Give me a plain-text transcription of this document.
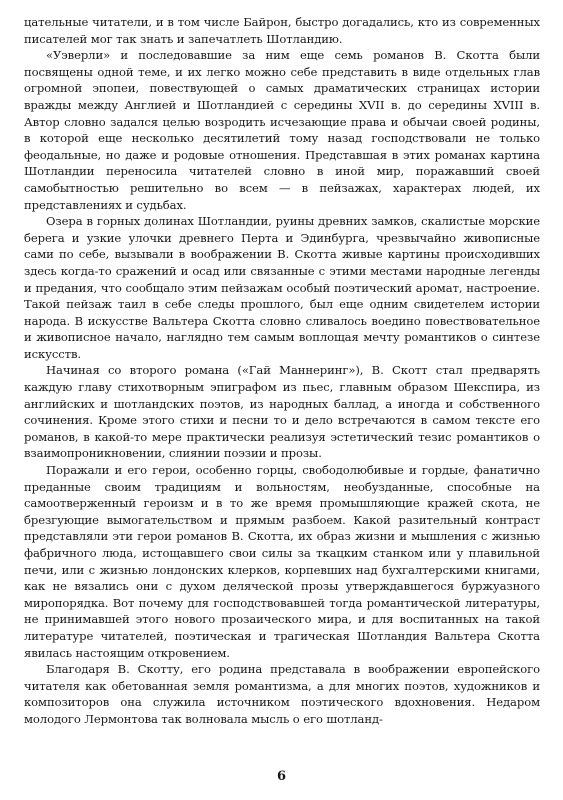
цательные читатели, и в том числе Байрон, быстро догадались, кто из современных писателей мог так знать и запечатлеть Шотландию.

«Уэверли» и последовавшие за ним еще семь романов В. Скотта были посвящены одной теме, и их легко можно себе представить в виде отдельных глав огромной эпопеи, повествующей о самых драматических страницах истории вражды между Англией и Шотландией с середины XVII в. до середины XVIII в. Автор словно задался целью возродить исчезающие права и обычаи своей родины, в которой еще несколько десятилетий тому назад господствовали не только феодальные, но даже и родовые отношения. Представшая в этих романах картина Шотландии переносила читателей словно в иной мир, поражавший своей самобытностью решительно во всем — в пейзажах, характерах людей, их представлениях и судьбах.

Озера в горных долинах Шотландии, руины древних замков, скалистые морские берега и узкие улочки древнего Перта и Эдинбурга, чрезвычайно живописные сами по себе, вызывали в воображении В. Скотта живые картины происходивших здесь когда-то сражений и осад или связанные с этими местами народные легенды и предания, что сообщало этим пейзажам особый поэтический аромат, настроение. Такой пейзаж таил в себе следы прошлого, был еще одним свидетелем истории народа. В искусстве Вальтера Скотта словно сливалось воедино повествовательное и живописное начало, наглядно тем самым воплощая мечту романтиков о синтезе искусств.

Начиная со второго романа («Гай Маннеринг»), В. Скотт стал предварять каждую главу стихотворным эпиграфом из пьес, главным образом Шекспира, из английских и шотландских поэтов, из народных баллад, а иногда и собственного сочинения. Кроме этого стихи и песни то и дело встречаются в самом тексте его романов, в какой-то мере практически реализуя эстетический тезис романтиков о взаимопроникновении, слиянии поэзии и прозы.

Поражали и его герои, особенно горцы, свободолюбивые и гордые, фанатично преданные своим традициям и вольностям, необузданные, способные на самоотверженный героизм и в то же время промышляющие кражей скота, не брезгующие вымогательством и прямым разбоем. Какой разительный контраст представляли эти герои романов В. Скотта, их образ жизни и мышления с жизнью фабричного люда, истощавшего свои силы за ткацким станком или у плавильной печи, или с жизнью лондонских клерков, корпевших над бухгалтерскими книгами, как не вязались они с духом деляческой прозы утверждавшегося буржуазного миропорядка. Вот почему для господствовавшей тогда романтической литературы, не принимавшей этого нового прозаического мира, и для воспитанных на такой литературе читателей, поэтическая и трагическая Шотландия Вальтера Скотта явилась настоящим откровением.

Благодаря В. Скотту, его родина представала в воображении европейского читателя как обетованная земля романтизма, а для многих поэтов, художников и композиторов она служила источником поэтического вдохновения. Недаром молодого Лермонтова так волновала мысль о его шотланд-

6
